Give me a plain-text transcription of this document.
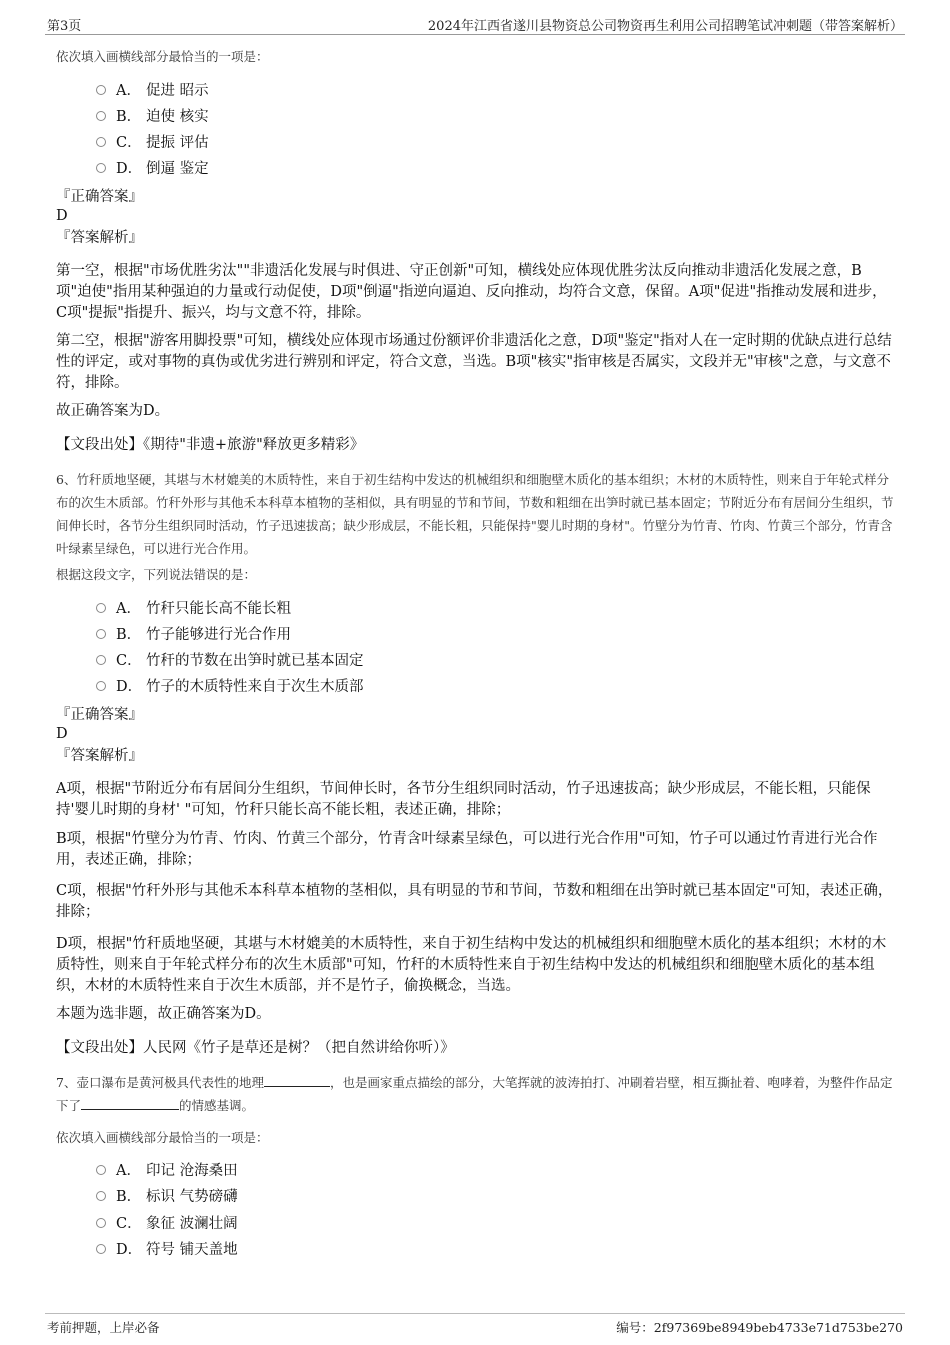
第3页	2024年江西省遂川县物资总公司物资再生利用公司招聘笔试冲刺题（带答案解析）
依次填入画横线部分最恰当的一项是：
A． 促进 昭示
B． 迫使 核实
C． 提振 评估
D． 倒逼 鉴定
『正确答案』
D
『答案解析』
第一空，根据"市场优胜劣汰""非遗活化发展与时俱进、守正创新"可知，横线处应体现优胜劣汰反向推动非遗活化发展之意，B项"迫使"指用某种强迫的力量或行动促使，D项"倒逼"指逆向逼迫、反向推动，均符合文意，保留。A项"促进"指推动发展和进步，C项"提振"指提升、振兴，均与文意不符，排除。
第二空，根据"游客用脚投票"可知，横线处应体现市场通过份额评价非遗活化之意，D项"鉴定"指对人在一定时期的优缺点进行总结性的评定，或对事物的真伪或优劣进行辨别和评定，符合文意，当选。B项"核实"指审核是否属实，文段并无"审核"之意，与文意不符，排除。
故正确答案为D。
【文段出处】《期待"非遗+旅游"释放更多精彩》
6、竹秆质地坚硬，其堪与木材媲美的木质特性，来自于初生结构中发达的机械组织和细胞壁木质化的基本组织；木材的木质特性，则来自于年轮式样分布的次生木质部。竹秆外形与其他禾本科草本植物的茎相似，具有明显的节和节间，节数和粗细在出笋时就已基本固定；节附近分布有居间分生组织，节间伸长时，各节分生组织同时活动，竹子迅速拔高；缺少形成层，不能长粗，只能保持"婴儿时期的身材"。竹壁分为竹青、竹肉、竹黄三个部分，竹青含叶绿素呈绿色，可以进行光合作用。
根据这段文字，下列说法错误的是：
A． 竹秆只能长高不能长粗
B． 竹子能够进行光合作用
C． 竹秆的节数在出笋时就已基本固定
D． 竹子的木质特性来自于次生木质部
『正确答案』
D
『答案解析』
A项，根据"节附近分布有居间分生组织，节间伸长时，各节分生组织同时活动，竹子迅速拔高；缺少形成层，不能长粗，只能保持'婴儿时期的身材' "可知，竹秆只能长高不能长粗，表述正确，排除；
B项，根据"竹壁分为竹青、竹肉、竹黄三个部分，竹青含叶绿素呈绿色，可以进行光合作用"可知，竹子可以通过竹青进行光合作用，表述正确，排除；
C项，根据"竹秆外形与其他禾本科草本植物的茎相似，具有明显的节和节间，节数和粗细在出笋时就已基本固定"可知，表述正确，排除；
D项，根据"竹秆质地坚硬，其堪与木材媲美的木质特性，来自于初生结构中发达的机械组织和细胞壁木质化的基本组织；木材的木质特性，则来自于年轮式样分布的次生木质部"可知，竹秆的木质特性来自于初生结构中发达的机械组织和细胞壁木质化的基本组织，木材的木质特性来自于次生木质部，并不是竹子，偷换概念，当选。
本题为选非题，故正确答案为D。
【文段出处】人民网《竹子是草还是树？（把自然讲给你听）》
7、壶口瀑布是黄河极具代表性的地理	，也是画家重点描绘的部分，大笔挥就的波涛拍打、冲刷着岩壁，相互撕扯着、咆哮着，为整件作品定下了	的情感基调。
依次填入画横线部分最恰当的一项是：
A． 印记 沧海桑田
B． 标识 气势磅礴
C． 象征 波澜壮阔
D． 符号 铺天盖地
考前押题，上岸必备	编号：2f97369be8949beb4733e71d753be270
